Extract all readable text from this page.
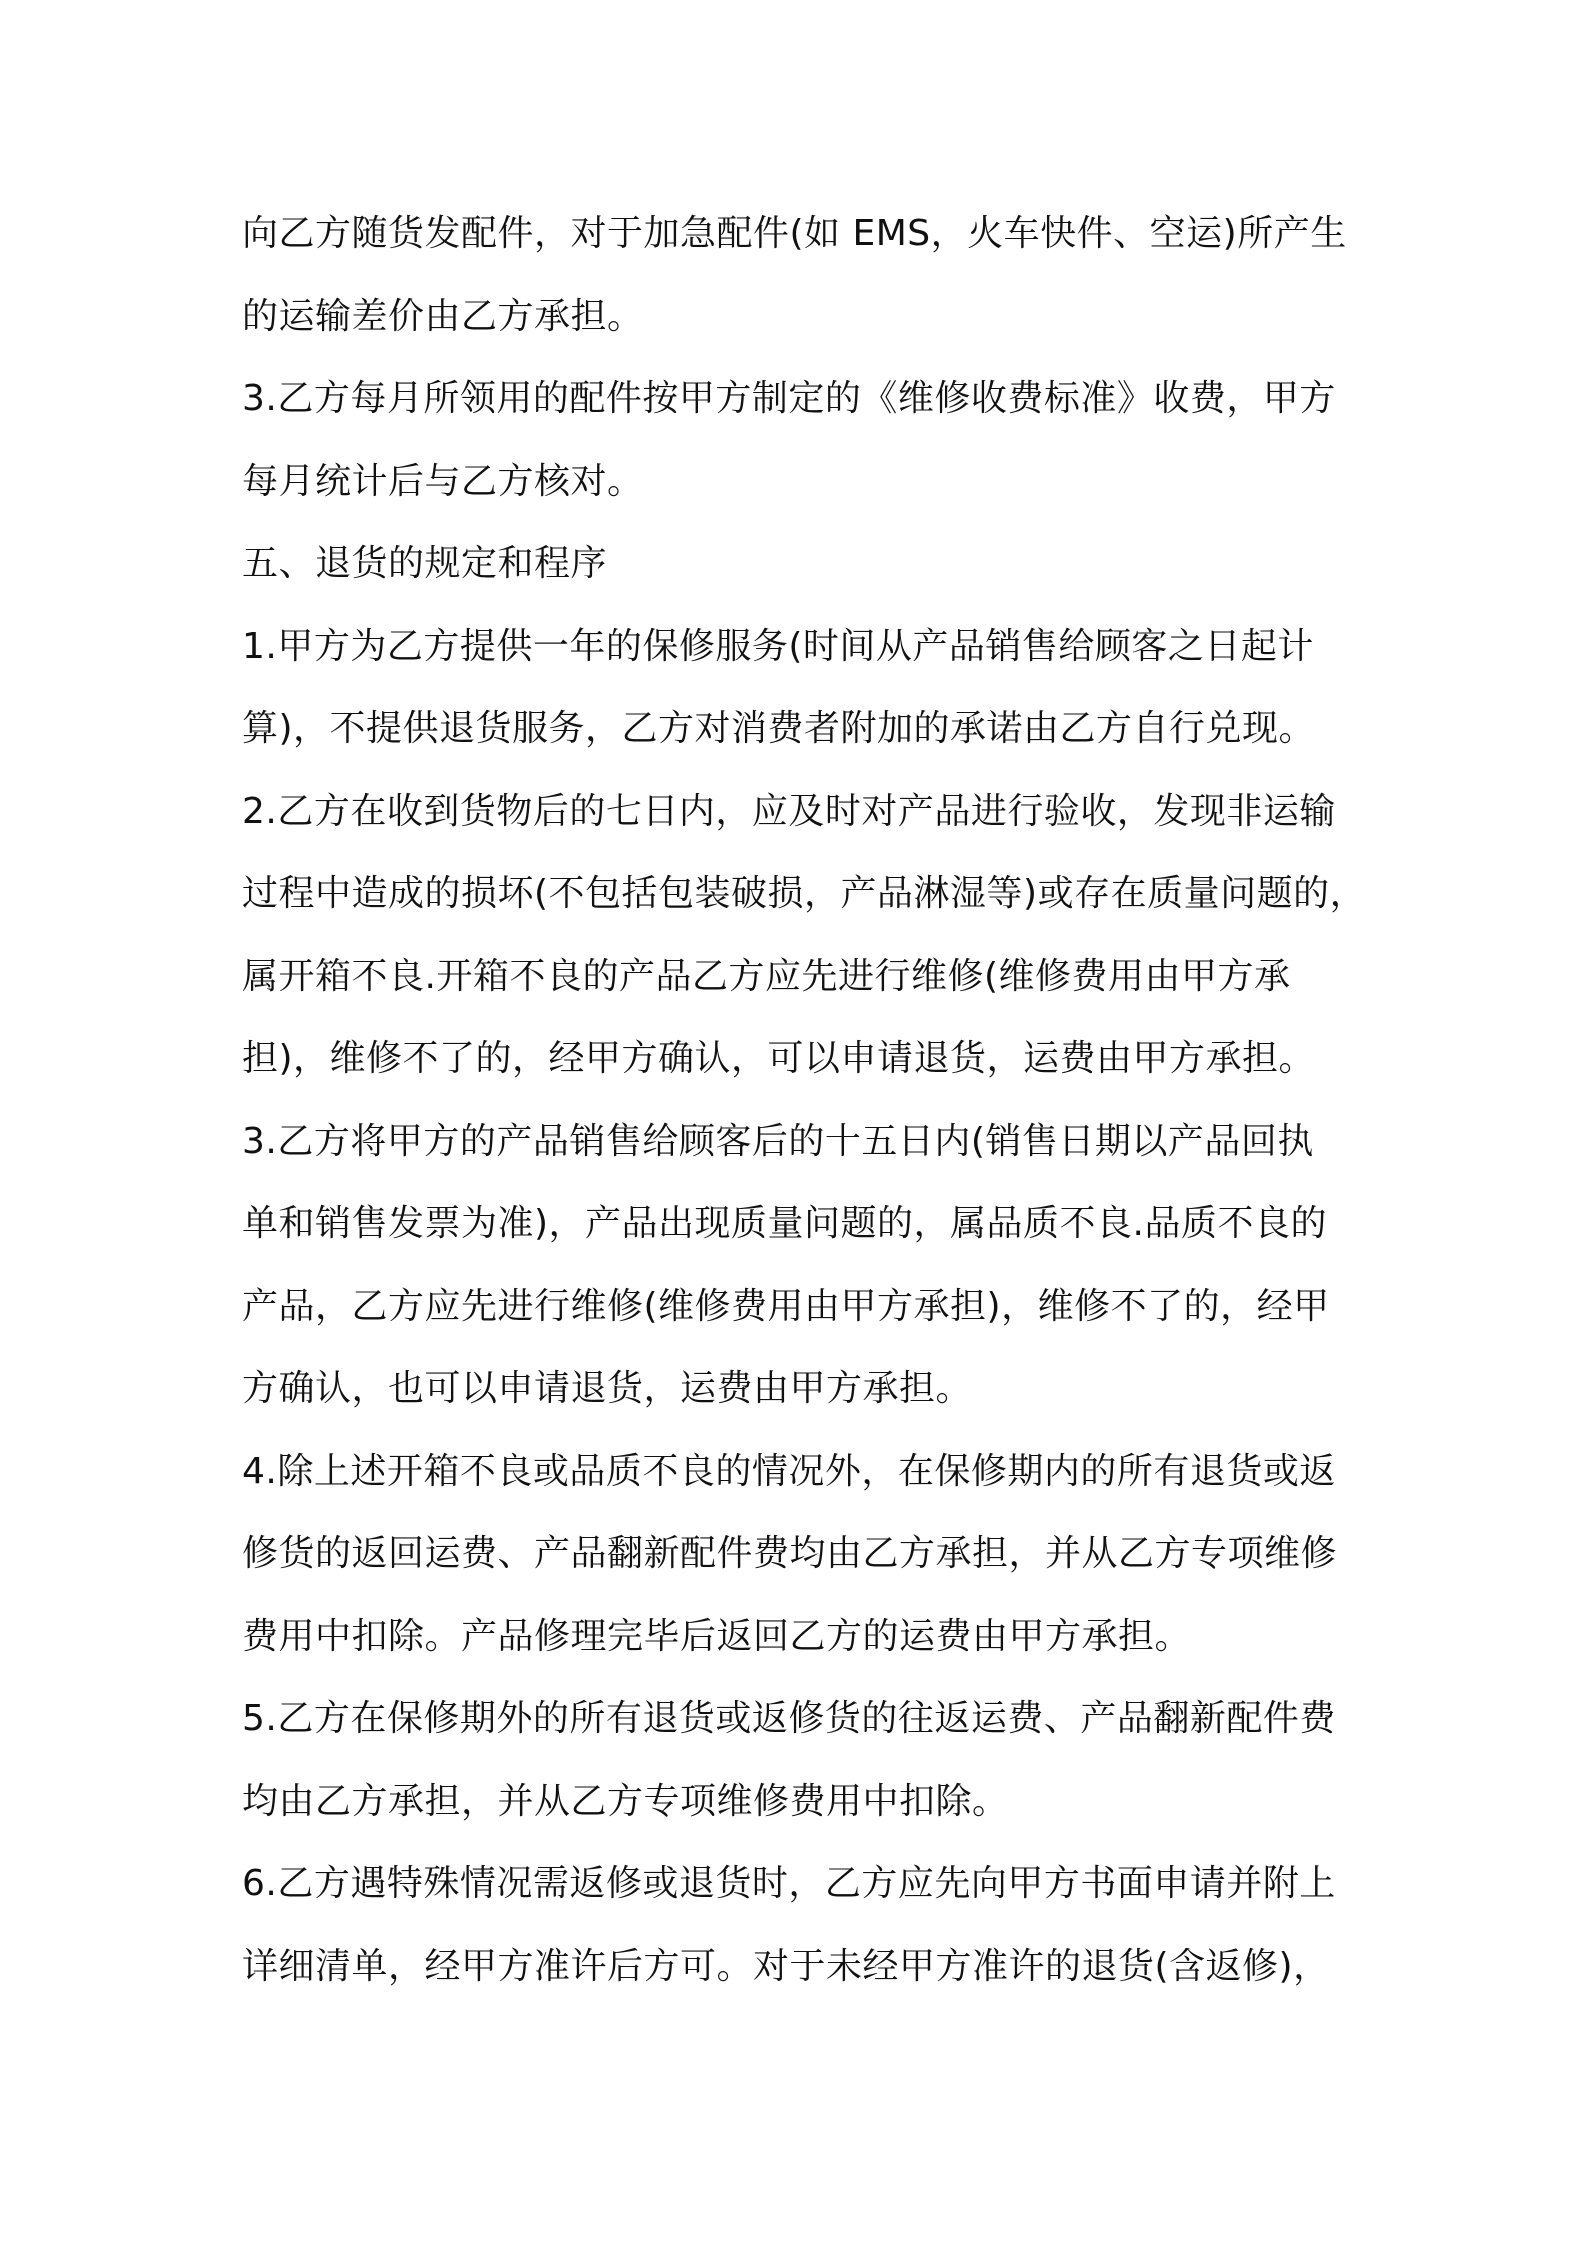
向乙方随货发配件，对于加急配件(如 EMS，火车快件、空运)所产生
的运输差价由乙方承担。
3.乙方每月所领用的配件按甲方制定的《维修收费标准》收费，甲方
每月统计后与乙方核对。
五、退货的规定和程序
1.甲方为乙方提供一年的保修服务(时间从产品销售给顾客之日起计
算)，不提供退货服务，乙方对消费者附加的承诺由乙方自行兑现。
2.乙方在收到货物后的七日内，应及时对产品进行验收，发现非运输
过程中造成的损坏(不包括包装破损，产品淋湿等)或存在质量问题的，
属开箱不良.开箱不良的产品乙方应先进行维修(维修费用由甲方承
担)，维修不了的，经甲方确认，可以申请退货，运费由甲方承担。
3.乙方将甲方的产品销售给顾客后的十五日内(销售日期以产品回执
单和销售发票为准)，产品出现质量问题的，属品质不良.品质不良的
产品，乙方应先进行维修(维修费用由甲方承担)，维修不了的，经甲
方确认，也可以申请退货，运费由甲方承担。
4.除上述开箱不良或品质不良的情况外，在保修期内的所有退货或返
修货的返回运费、产品翻新配件费均由乙方承担，并从乙方专项维修
费用中扣除。产品修理完毕后返回乙方的运费由甲方承担。
5.乙方在保修期外的所有退货或返修货的往返运费、产品翻新配件费
均由乙方承担，并从乙方专项维修费用中扣除。
6.乙方遇特殊情况需返修或退货时，乙方应先向甲方书面申请并附上
详细清单，经甲方准许后方可。对于未经甲方准许的退货(含返修)，
